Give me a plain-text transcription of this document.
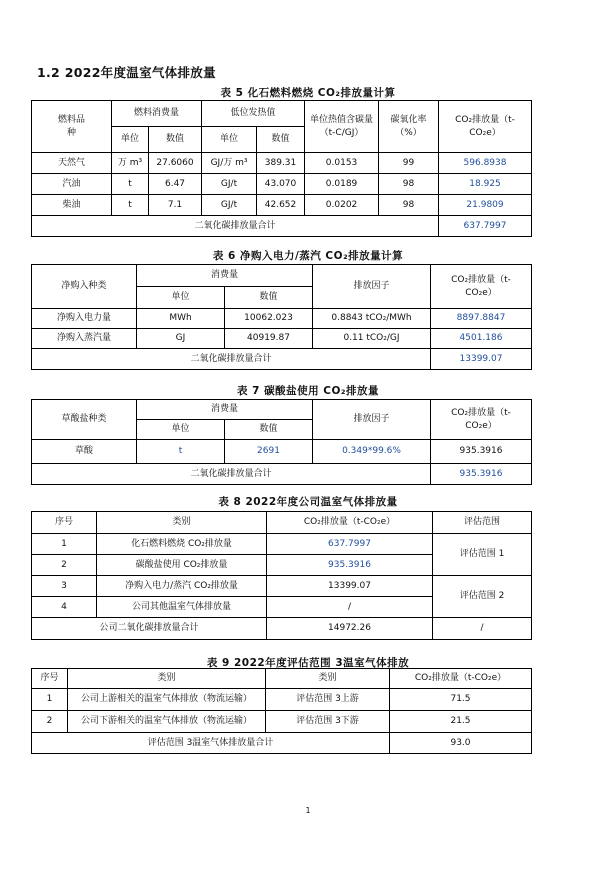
1.2 2022年度温室气体排放量
表 5 化石燃料燃烧 CO₂排放量计算
燃料品种	燃料消费量		低位发热值		单位热值含碳量（t-C/GJ）	碳氧化率（%）	CO₂排放量（t-CO₂e）
	单位	数值	单位	数值			
天然气	万 m³	27.6060	GJ/万 m³	389.31	0.0153	99	596.8938
汽油	t	6.47	GJ/t	43.070	0.0189	98	18.925
柴油	t	7.1	GJ/t	42.652	0.0202	98	21.9809
二氧化碳排放量合计							637.7997
表 6 净购入电力/蒸汽 CO₂排放量计算
净购入种类	消费量		排放因子	CO₂排放量（t-CO₂e）
	单位	数值		
净购入电力量	MWh	10062.023	0.8843 tCO₂/MWh	8897.8847
净购入蒸汽量	GJ	40919.87	0.11 tCO₂/GJ	4501.186
二氧化碳排放量合计				13399.07
表 7 碳酸盐使用 CO₂排放量
草酸盐种类	消费量		排放因子	CO₂排放量（t-CO₂e）
	单位	数值		
草酸	t	2691	0.349*99.6%	935.3916
二氧化碳排放量合计				935.3916
表 8 2022年度公司温室气体排放量
序号	类别	CO₂排放量（t-CO₂e）	评估范围
1	化石燃料燃烧 CO₂排放量	637.7997	评估范围 1
2	碳酸盐使用 CO₂排放量	935.3916	
3	净购入电力/蒸汽 CO₂排放量	13399.07	评估范围 2
4	公司其他温室气体排放量	/	
公司二氧化碳排放量合计		14972.26	/
表 9 2022年度评估范围 3温室气体排放
序号	类别	类别	CO₂排放量（t-CO₂e）
1	公司上游相关的温室气体排放（物流运输）	评估范围 3上游	71.5
2	公司下游相关的温室气体排放（物流运输）	评估范围 3下游	21.5
评估范围 3温室气体排放量合计			93.0
1
